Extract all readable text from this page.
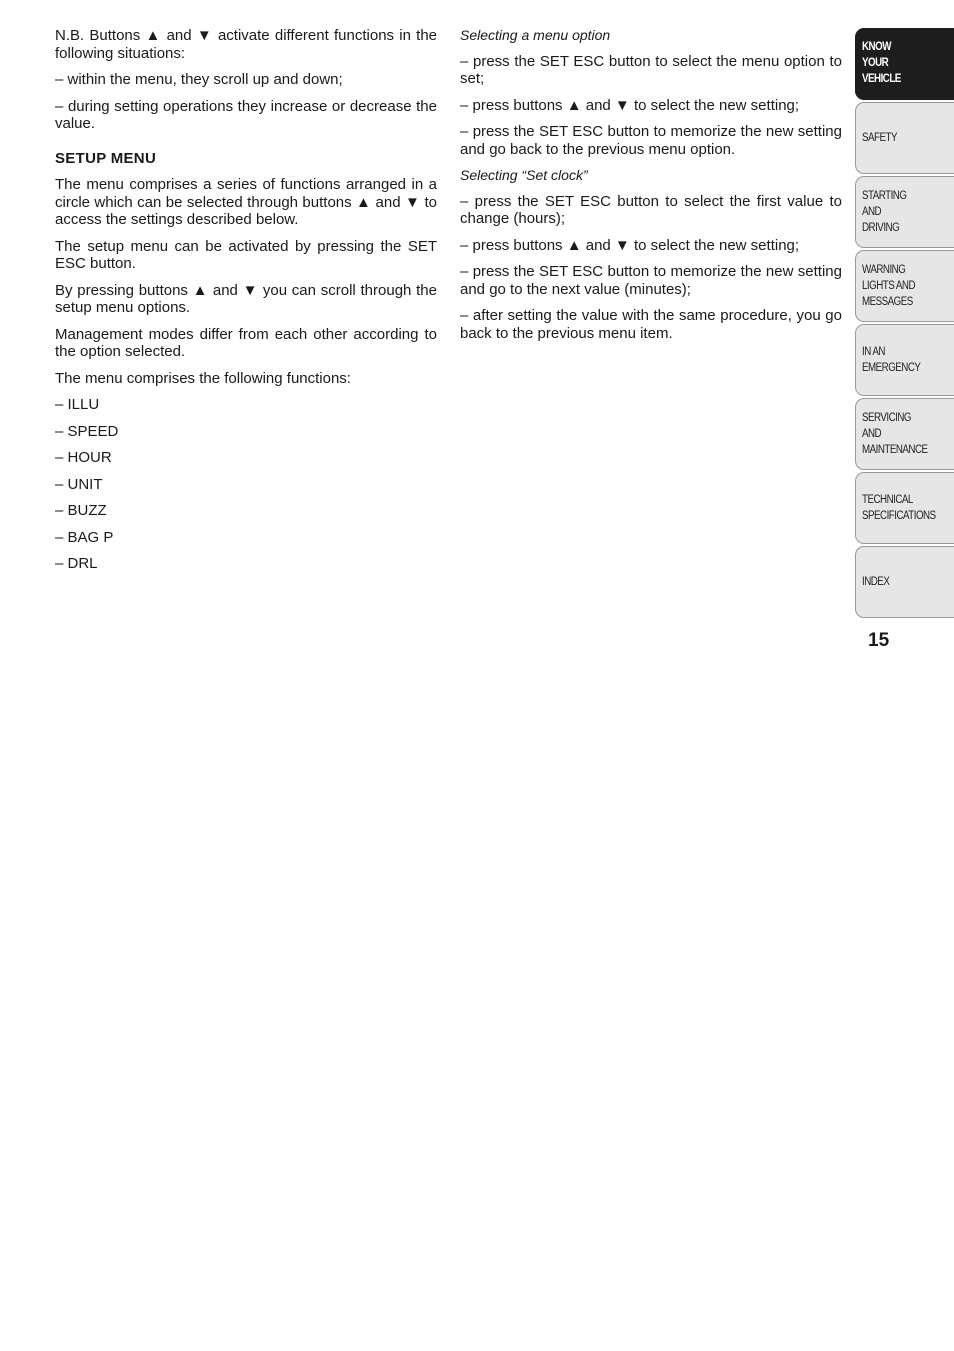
N.B. Buttons ▲ and ▼ activate different functions in the following situations:

– within the menu, they scroll up and down;

– during setting operations they increase or decrease the value.

SETUP MENU

The menu comprises a series of functions arranged in a circle which can be selected through buttons ▲ and ▼ to access the settings described below.

The setup menu can be activated by pressing the SET ESC button.

By pressing buttons ▲ and ▼ you can scroll through the setup menu options.

Management modes differ from each other according to the option selected.

The menu comprises the following functions:

– ILLU

– SPEED

– HOUR

– UNIT

– BUZZ

– BAG P

– DRL

Selecting a menu option

– press the SET ESC button to select the menu option to set;

– press buttons ▲ and ▼ to select the new setting;

– press the SET ESC button to memorize the new setting and go back to the previous menu option.

Selecting “Set clock”

– press the SET ESC button to select the first value to change (hours);

– press buttons ▲ and ▼ to select the new setting;

– press the SET ESC button to memorize the new setting and go to the next value (minutes);

– after setting the value with the same procedure, you go back to the previous menu item.

KNOW
YOUR
VEHICLE
SAFETY
STARTING
AND
DRIVING
WARNING
LIGHTS AND
MESSAGES
IN AN
EMERGENCY
SERVICING
AND
MAINTENANCE
TECHNICAL
SPECIFICATIONS
INDEX
15
